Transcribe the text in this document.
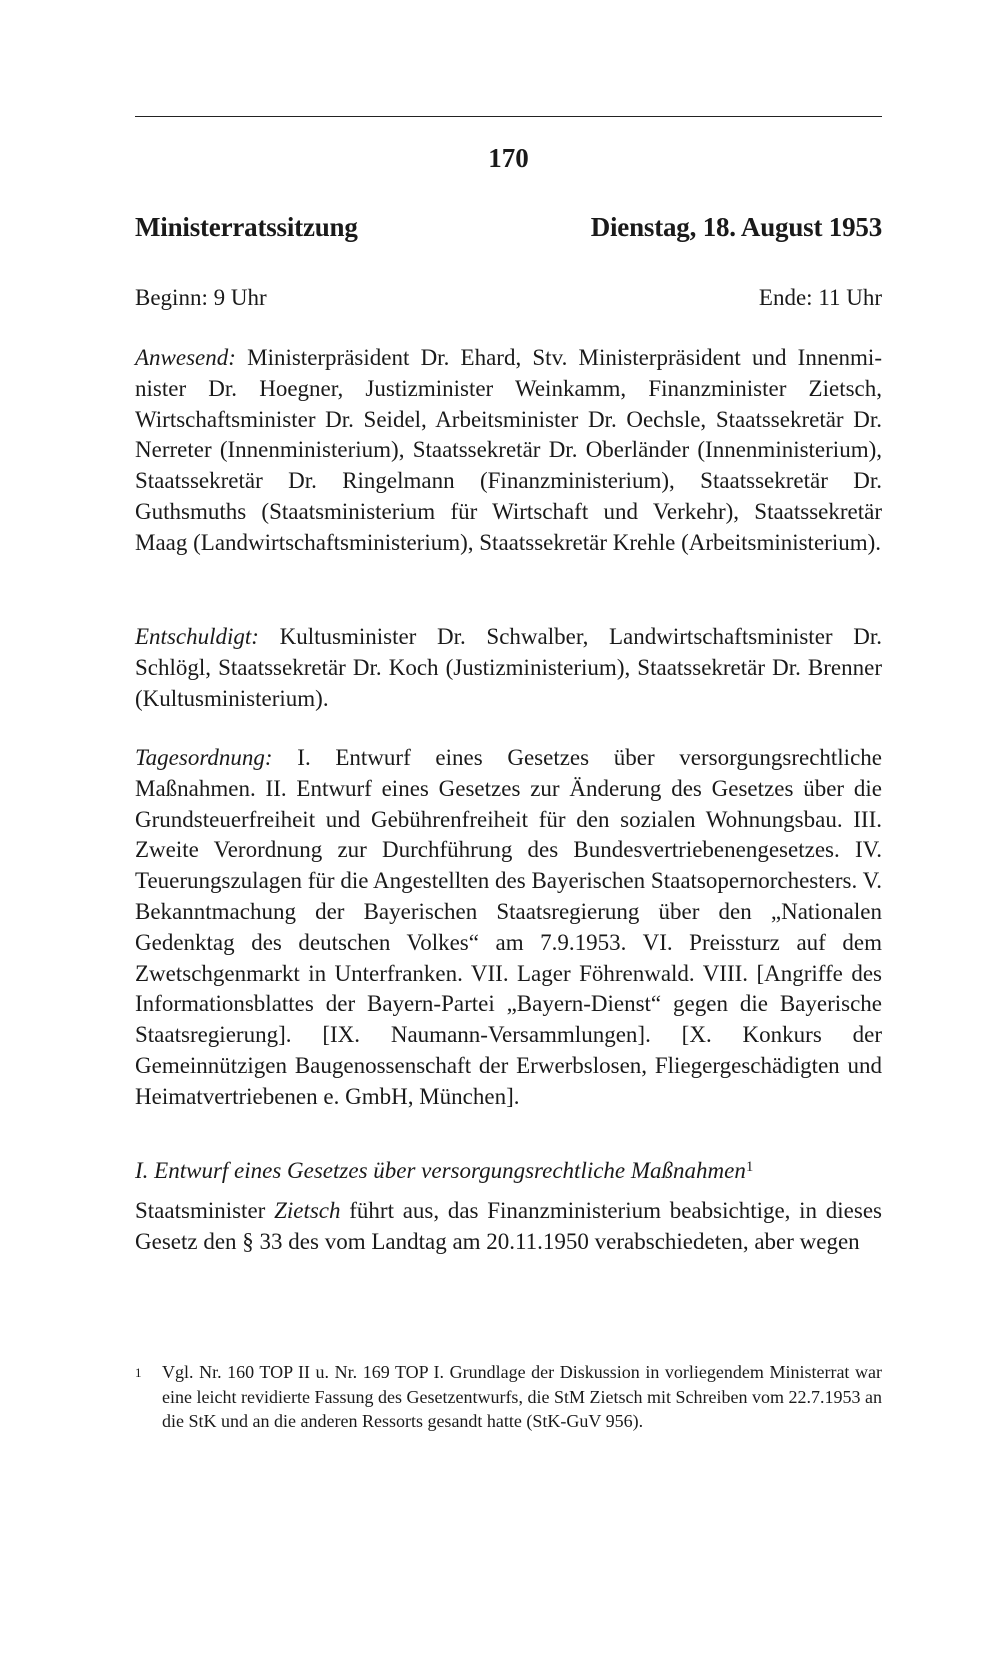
170
Ministerratssitzung	Dienstag, 18. August 1953
Beginn: 9 Uhr	Ende: 11 Uhr

Anwesend: Ministerpräsident Dr. Ehard, Stv. Ministerpräsident und Innenminister Dr. Hoegner, Justizminister Weinkamm, Finanzminister Zietsch, Wirtschaftsminister Dr. Seidel, Arbeitsminister Dr. Oechsle, Staatssekretär Dr. Nerreter (Innenministerium), Staatssekretär Dr. Oberländer (Innenministerium), Staatssekretär Dr. Ringelmann (Finanzministerium), Staatssekretär Dr. Guthsmuths (Staatsministerium für Wirtschaft und Verkehr), Staatssekretär Maag (Landwirtschaftsministerium), Staatssekretär Krehle (Arbeitsministerium).

Entschuldigt: Kultusminister Dr. Schwalber, Landwirtschaftsminister Dr. Schlögl, Staatssekretär Dr. Koch (Justizministerium), Staatssekretär Dr. Brenner (Kultusministerium).

Tagesordnung: I. Entwurf eines Gesetzes über versorgungsrechtliche Maßnahmen. II. Entwurf eines Gesetzes zur Änderung des Gesetzes über die Grundsteuerfreiheit und Gebührenfreiheit für den sozialen Wohnungsbau. III. Zweite Verordnung zur Durchführung des Bundesvertriebenengesetzes. IV. Teuerungszulagen für die Angestellten des Bayerischen Staatsopernorchesters. V. Bekanntmachung der Bayerischen Staatsregierung über den „Nationalen Gedenktag des deutschen Volkes“ am 7.9.1953. VI. Preissturz auf dem Zwetschgenmarkt in Unterfranken. VII. Lager Föhrenwald. VIII. [Angriffe des Informationsblattes der Bayern-Partei „Bayern-Dienst“ gegen die Bayerische Staatsregierung]. [IX. Naumann-Versammlungen]. [X. Konkurs der Gemeinnützigen Baugenossenschaft der Erwerbslosen, Fliegergeschädigten und Heimatvertriebenen e. GmbH, München].

I. Entwurf eines Gesetzes über versorgungsrechtliche Maßnahmen$^1$

Staatsminister Zietsch führt aus, das Finanzministerium beabsichtige, in dieses Gesetz den § 33 des vom Landtag am 20.11.1950 verabschiedeten, aber wegen

1	Vgl. Nr. 160 TOP II u. Nr. 169 TOP I. Grundlage der Diskussion in vorliegendem Ministerrat war eine leicht revidierte Fassung des Gesetzentwurfs, die StM Zietsch mit Schreiben vom 22.7.1953 an die StK und an die anderen Ressorts gesandt hatte (StK-GuV 956).
